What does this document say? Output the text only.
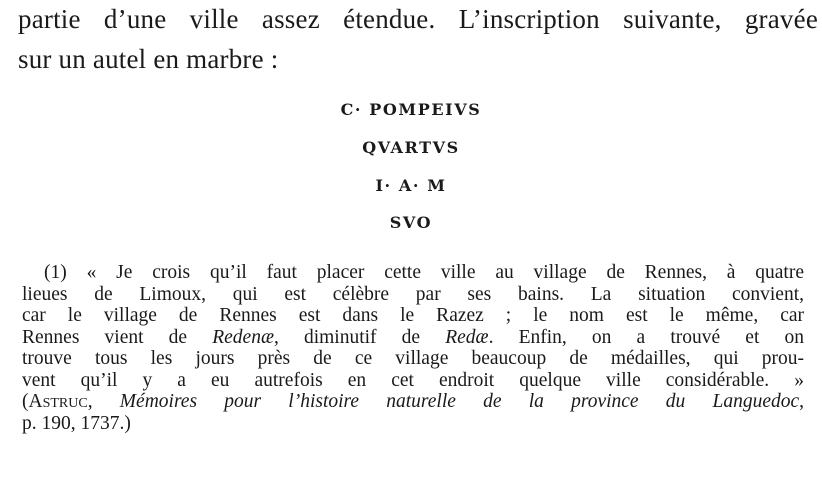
partie d’une ville assez étendue. L’inscription suivante, gravée
sur un autel en marbre :
C· POMPEIVS
QVARTVS
I· A· M
SVO
(1) « Je crois qu’il faut placer cette ville au village de Rennes, à quatre
lieues de Limoux, qui est célèbre par ses bains. La situation convient,
car le village de Rennes est dans le Razez ; le nom est le même, car
Rennes vient de Redenæ, diminutif de Redæ. Enfin, on a trouvé et on
trouve tous les jours près de ce village beaucoup de médailles, qui prou-
vent qu’il y a eu autrefois en cet endroit quelque ville considérable. »
(Astruc, Mémoires pour l’histoire naturelle de la province du Languedoc,
p. 190, 1737.)
